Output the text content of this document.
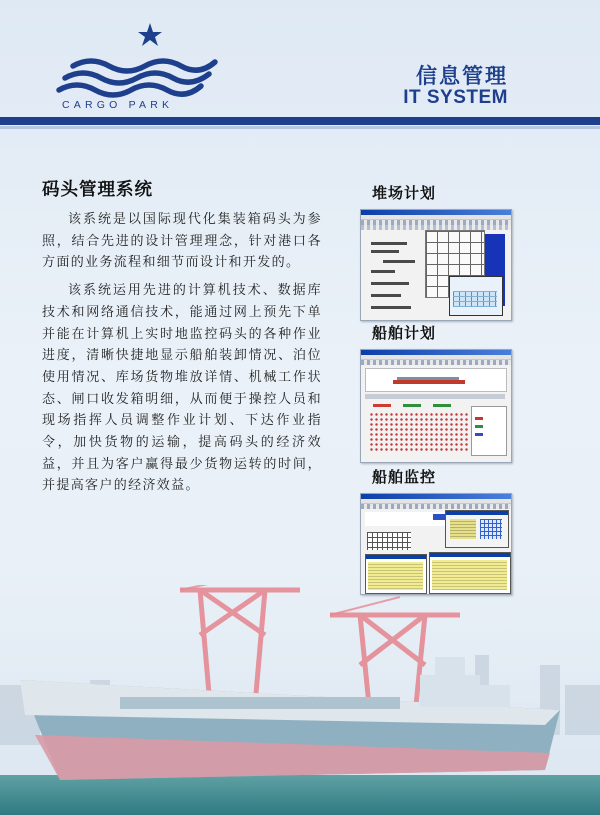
CARGO PARK
信息管理
IT SYSTEM
码头管理系统

该系统是以国际现代化集装箱码头为参照，结合先进的设计管理理念，针对港口各方面的业务流程和细节而设计和开发的。

该系统运用先进的计算机技术、数据库技术和网络通信技术，能通过网上预先下单并能在计算机上实时地监控码头的各种作业进度，清晰快捷地显示船舶装卸情况、泊位使用情况、库场货物堆放详情、机械工作状态、闸口收发箱明细，从而便于操控人员和现场指挥人员调整作业计划、下达作业指令，加快货物的运输，提高码头的经济效益，并且为客户赢得最少货物运转的时间，并提高客户的经济效益。

堆场计划
船舶计划
船舶监控
